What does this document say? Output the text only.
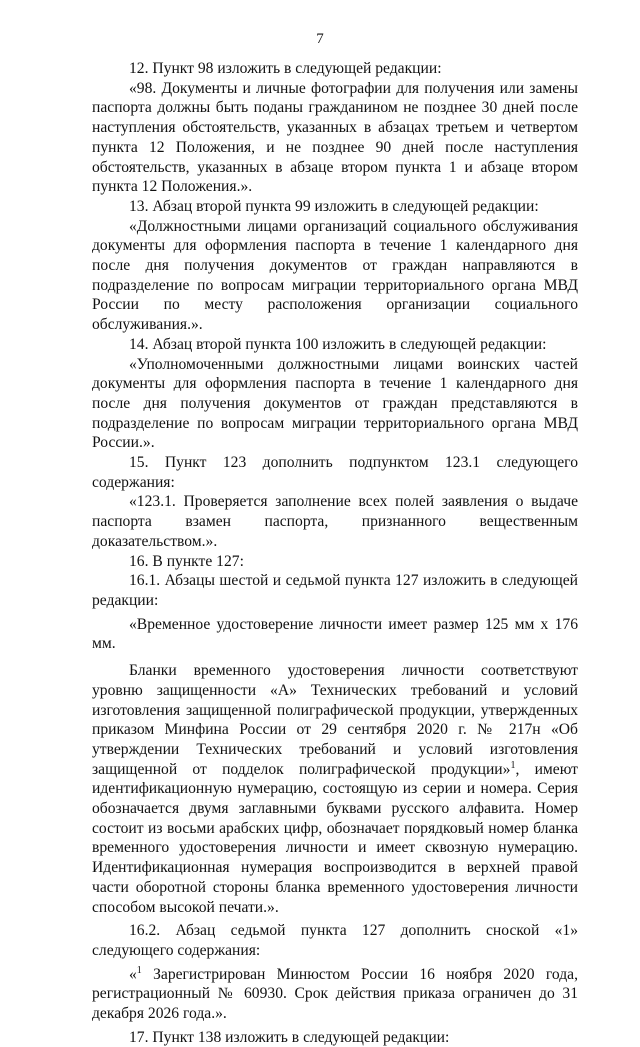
7

12. Пункт 98 изложить в следующей редакции:

«98. Документы и личные фотографии для получения или замены паспорта должны быть поданы гражданином не позднее 30 дней после наступления обстоятельств, указанных в абзацах третьем и четвертом пункта 12 Положения, и не позднее 90 дней после наступления обстоятельств, указанных в абзаце втором пункта 1 и абзаце втором пункта 12 Положения.».

13. Абзац второй пункта 99 изложить в следующей редакции:

«Должностными лицами организаций социального обслуживания документы для оформления паспорта в течение 1 календарного дня после дня получения документов от граждан направляются в подразделение по вопросам миграции территориального органа МВД России по месту расположения организации социального обслуживания.».

14. Абзац второй пункта 100 изложить в следующей редакции:

«Уполномоченными должностными лицами воинских частей документы для оформления паспорта в течение 1 календарного дня после дня получения документов от граждан представляются в подразделение по вопросам миграции территориального органа МВД России.».

15. Пункт 123 дополнить подпунктом 123.1 следующего содержания:

«123.1. Проверяется заполнение всех полей заявления о выдаче паспорта взамен паспорта, признанного вещественным доказательством.».

16. В пункте 127:

16.1. Абзацы шестой и седьмой пункта 127 изложить в следующей редакции:

«Временное удостоверение личности имеет размер 125 мм х 176 мм.

Бланки временного удостоверения личности соответствуют уровню защищенности «А» Технических требований и условий изготовления защищенной полиграфической продукции, утвержденных приказом Минфина России от 29 сентября 2020 г. № 217н «Об утверждении Технических требований и условий изготовления защищенной от подделок полиграфической продукции»$^1$, имеют идентификационную нумерацию, состоящую из серии и номера. Серия обозначается двумя заглавными буквами русского алфавита. Номер состоит из восьми арабских цифр, обозначает порядковый номер бланка временного удостоверения личности и имеет сквозную нумерацию. Идентификационная нумерация воспроизводится в верхней правой части оборотной стороны бланка временного удостоверения личности способом высокой печати.».

16.2. Абзац седьмой пункта 127 дополнить сноской «1» следующего содержания:

«$^1$ Зарегистрирован Минюстом России 16 ноября 2020 года, регистрационный № 60930. Срок действия приказа ограничен до 31 декабря 2026 года.».

17. Пункт 138 изложить в следующей редакции:
